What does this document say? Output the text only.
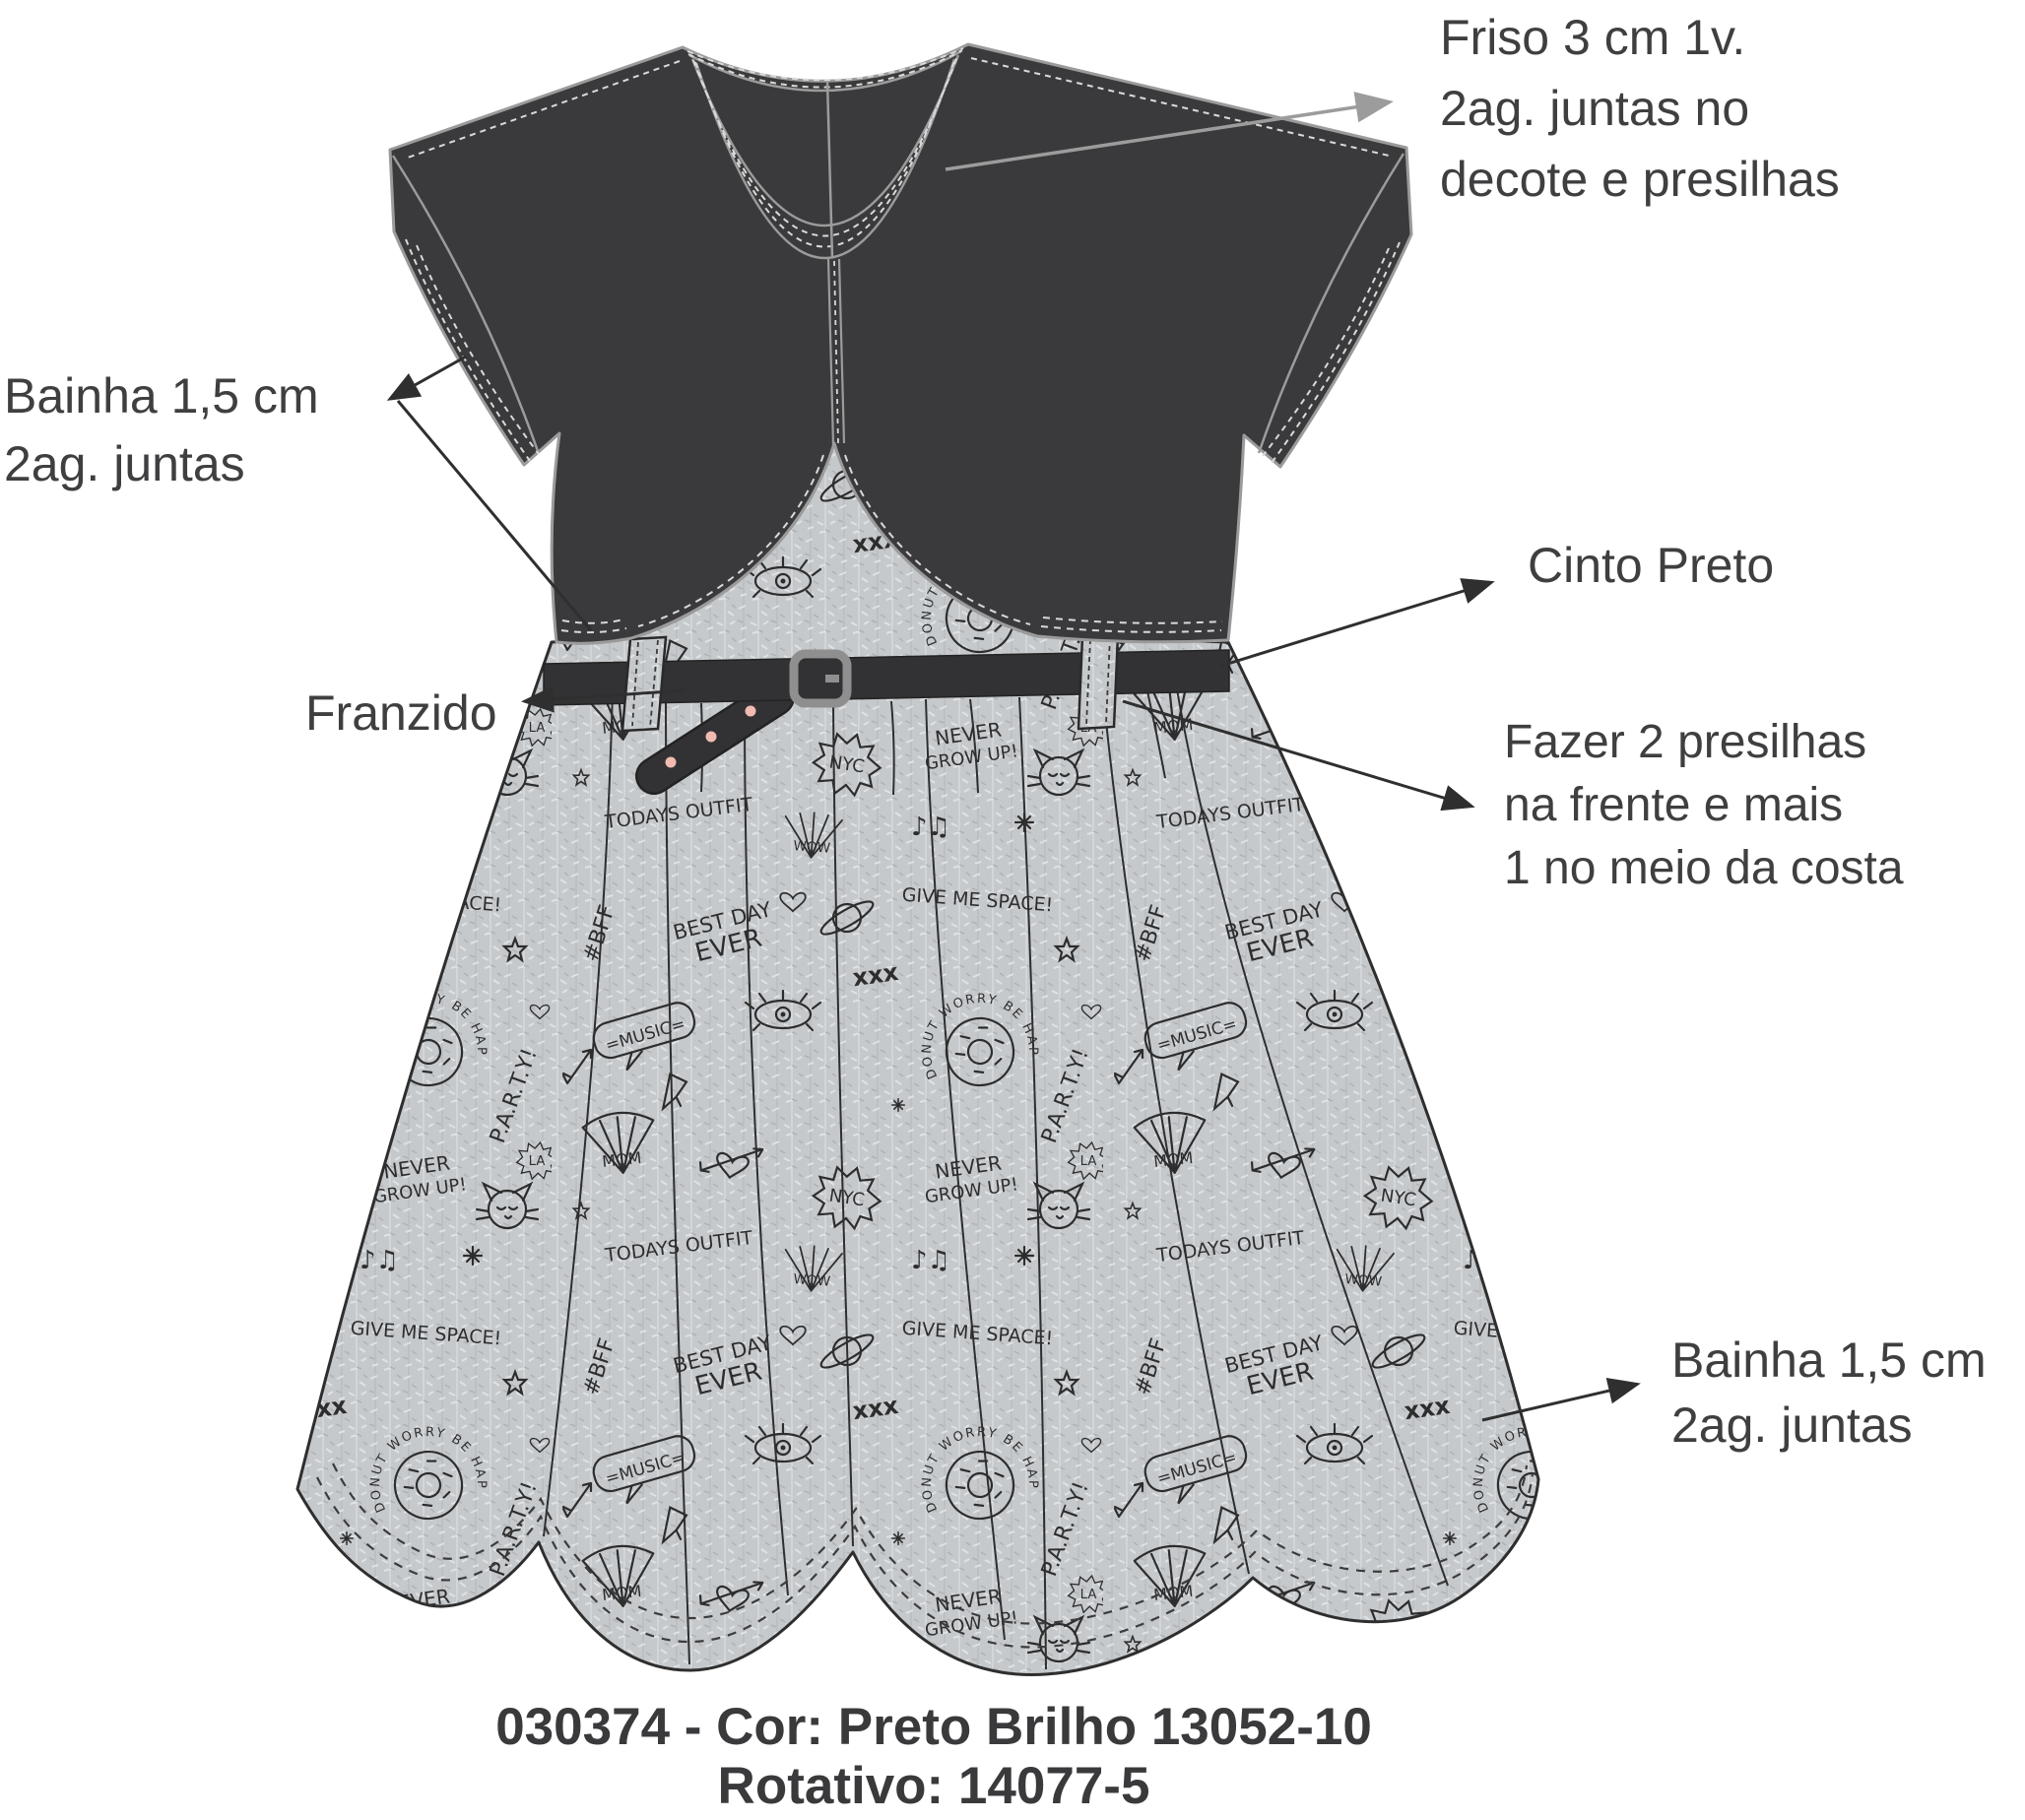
Friso 3 cm 1v.
2ag. juntas no
decote e presilhas
Bainha 1,5 cm
2ag. juntas
Cinto Preto
Franzido
Fazer 2 presilhas
na frente e mais
1 no meio da costa
Bainha 1,5 cm
2ag. juntas
030374 - Cor: Preto Brilho 13052-10
Rotativo: 14077-5
